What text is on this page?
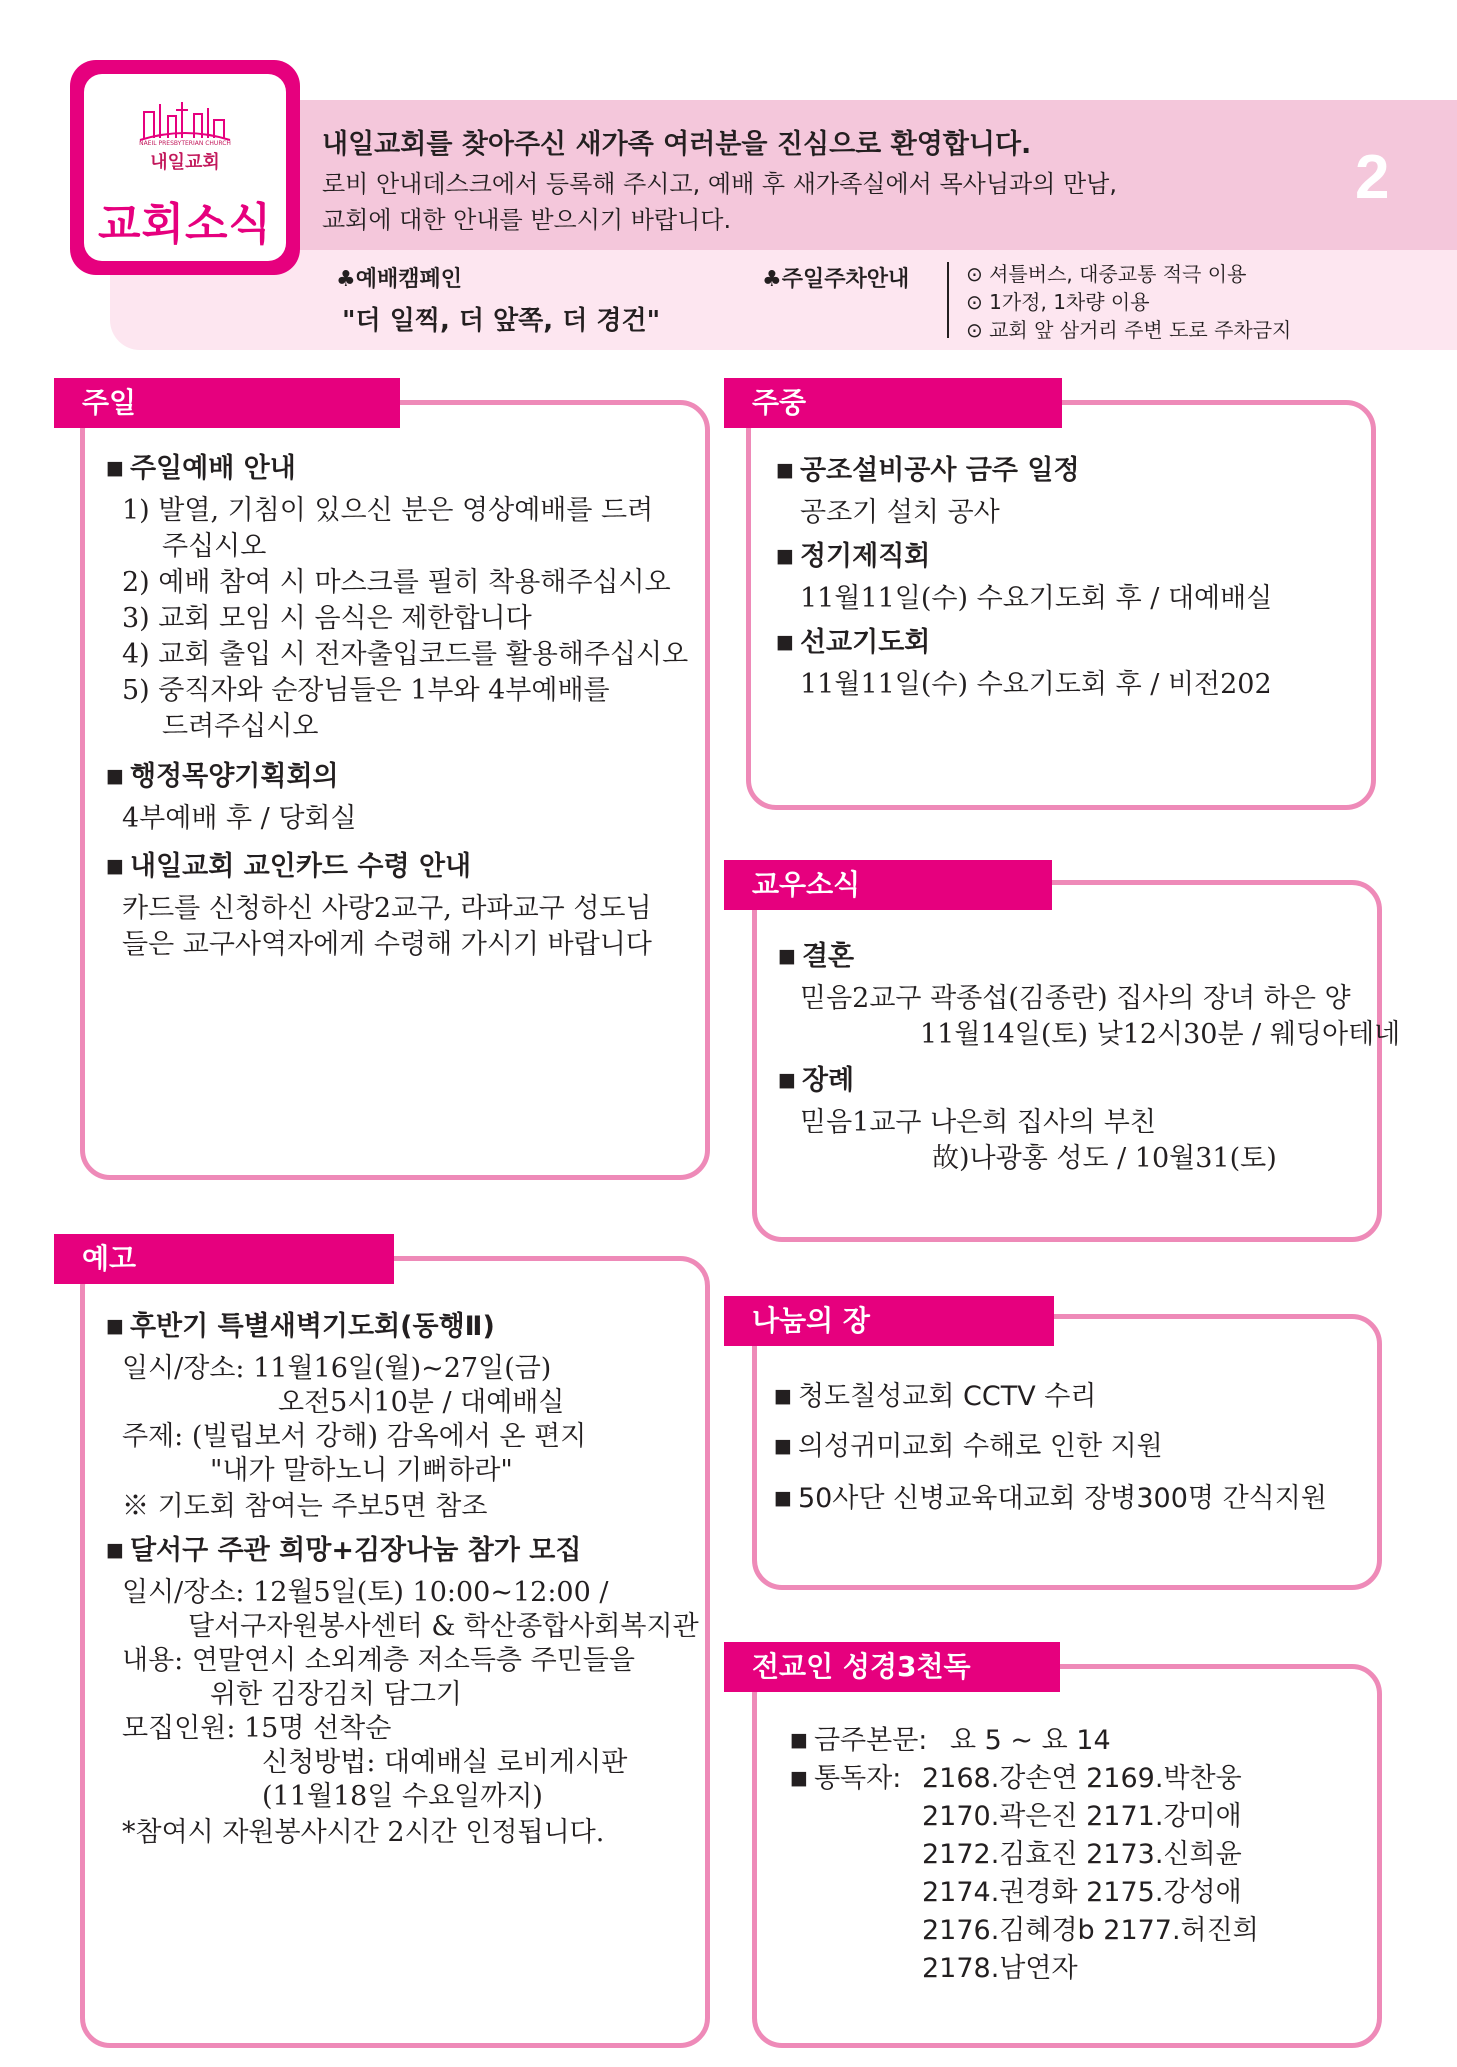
NAEIL PRESBYTERIAN CHURCH
내일교회
교회소식
내일교회를 찾아주신 새가족 여러분을 진심으로 환영합니다.
로비 안내데스크에서 등록해 주시고, 예배 후 새가족실에서 목사님과의 만남,
교회에 대한 안내를 받으시기 바랍니다.
2
♣예배캠페인
"더 일찍, 더 앞쪽, 더 경건"
♣주일주차안내	⊙ 셔틀버스, 대중교통 적극 이용
⊙ 1가정, 1차량 이용
⊙ 교회 앞 삼거리 주변 도로 주차금지
주일
■ 주일예배 안내
1) 발열, 기침이 있으신 분은 영상예배를 드려
주십시오
2) 예배 참여 시 마스크를 필히 착용해주십시오
3) 교회 모임 시 음식은 제한합니다
4) 교회 출입 시 전자출입코드를 활용해주십시오
5) 중직자와 순장님들은 1부와 4부예배를
드려주십시오
■ 행정목양기획회의
4부예배 후 / 당회실
■ 내일교회 교인카드 수령 안내
카드를 신청하신 사랑2교구, 라파교구 성도님
들은 교구사역자에게 수령해 가시기 바랍니다
주중
■ 공조설비공사 금주 일정
공조기 설치 공사
■ 정기제직회
11월11일(수) 수요기도회 후 / 대예배실
■ 선교기도회
11월11일(수) 수요기도회 후 / 비전202
교우소식
■ 결혼
믿음2교구 곽종섭(김종란) 집사의 장녀 하은 양
11월14일(토) 낮12시30분 / 웨딩아테네
■ 장례
믿음1교구 나은희 집사의 부친
故)나광홍 성도 / 10월31(토)
예고
■ 후반기 특별새벽기도회(동행Ⅱ)
일시/장소: 11월16일(월)~27일(금)
오전5시10분 / 대예배실
주제: (빌립보서 강해) 감옥에서 온 편지
"내가 말하노니 기뻐하라"
※ 기도회 참여는 주보5면 참조
■ 달서구 주관 희망+김장나눔 참가 모집
일시/장소: 12월5일(토) 10:00~12:00 /
달서구자원봉사센터 & 학산종합사회복지관
내용: 연말연시 소외계층 저소득층 주민들을
위한 김장김치 담그기
모집인원: 15명 선착순
신청방법: 대예배실 로비게시판
(11월18일 수요일까지)
*참여시 자원봉사시간 2시간 인정됩니다.
나눔의 장
■ 청도칠성교회 CCTV 수리
■ 의성귀미교회 수해로 인한 지원
■ 50사단 신병교육대교회 장병300명 간식지원
전교인 성경3천독
■ 금주본문: 요 5 ~ 요 14
■ 통독자: 2168.강손연 2169.박찬웅
2170.곽은진 2171.강미애
2172.김효진 2173.신희윤
2174.권경화 2175.강성애
2176.김혜경b 2177.허진희
2178.남연자
